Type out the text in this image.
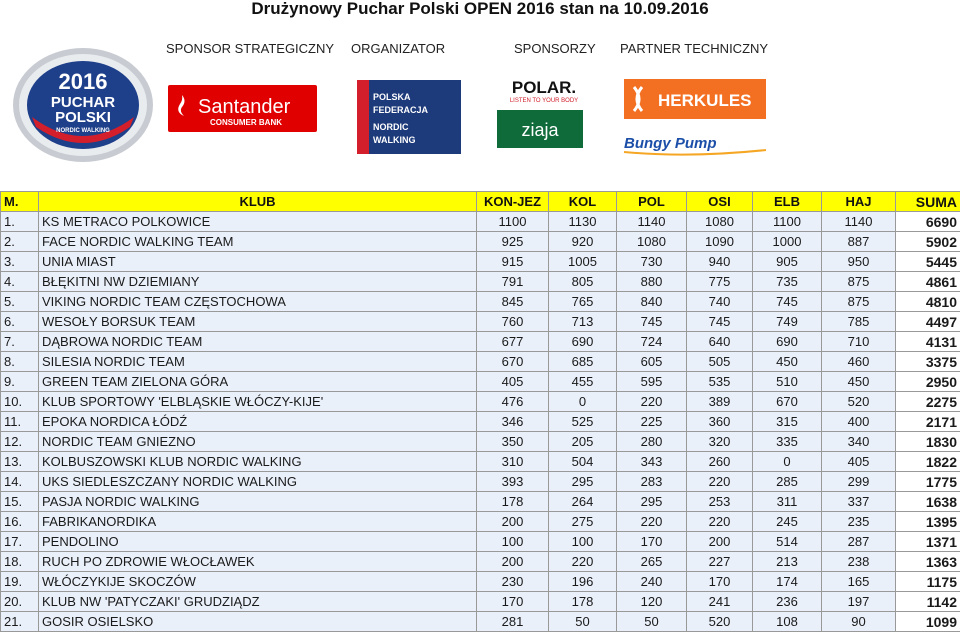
Drużynowy Puchar Polski OPEN 2016 stan na 10.09.2016
SPONSOR STRATEGICZNY ORGANIZATOR	SPONSORZY PARTNER TECHNICZNY
2016
PUCHAR
POLSKI
NORDIC WALKING
Santander
CONSUMER BANK
POLSKA
FEDERACJA
NORDIC
WALKING
POLAR.
LISTEN TO YOUR BODY
ziaja
HERKULES
Bungy Pump
M.	KLUB	KON-JEZ	KOL	POL	OSI	ELB	HAJ	SUMA
1.	KS METRACO POLKOWICE	1100	1130	1140	1080	1100	1140	6690
2.	FACE NORDIC WALKING TEAM	925	920	1080	1090	1000	887	5902
3.	UNIA MIAST	915	1005	730	940	905	950	5445
4.	BŁĘKITNI NW DZIEMIANY	791	805	880	775	735	875	4861
5.	VIKING NORDIC TEAM CZĘSTOCHOWA	845	765	840	740	745	875	4810
6.	WESOŁY BORSUK TEAM	760	713	745	745	749	785	4497
7.	DĄBROWA NORDIC TEAM	677	690	724	640	690	710	4131
8.	SILESIA NORDIC TEAM	670	685	605	505	450	460	3375
9.	GREEN TEAM ZIELONA GÓRA	405	455	595	535	510	450	2950
10.	KLUB SPORTOWY 'ELBLĄSKIE WŁÓCZY-KIJE'	476	0	220	389	670	520	2275
11.	EPOKA NORDICA ŁÓDŹ	346	525	225	360	315	400	2171
12.	NORDIC TEAM GNIEZNO	350	205	280	320	335	340	1830
13.	KOLBUSZOWSKI KLUB NORDIC WALKING	310	504	343	260	0	405	1822
14.	UKS SIEDLESZCZANY NORDIC WALKING	393	295	283	220	285	299	1775
15.	PASJA NORDIC WALKING	178	264	295	253	311	337	1638
16.	FABRIKANORDIKA	200	275	220	220	245	235	1395
17.	PENDOLINO	100	100	170	200	514	287	1371
18.	RUCH PO ZDROWIE WŁOCŁAWEK	200	220	265	227	213	238	1363
19.	WŁÓCZYKIJE SKOCZÓW	230	196	240	170	174	165	1175
20.	KLUB NW 'PATYCZAKI' GRUDZIĄDZ	170	178	120	241	236	197	1142
21.	GOSIR OSIELSKO	281	50	50	520	108	90	1099
